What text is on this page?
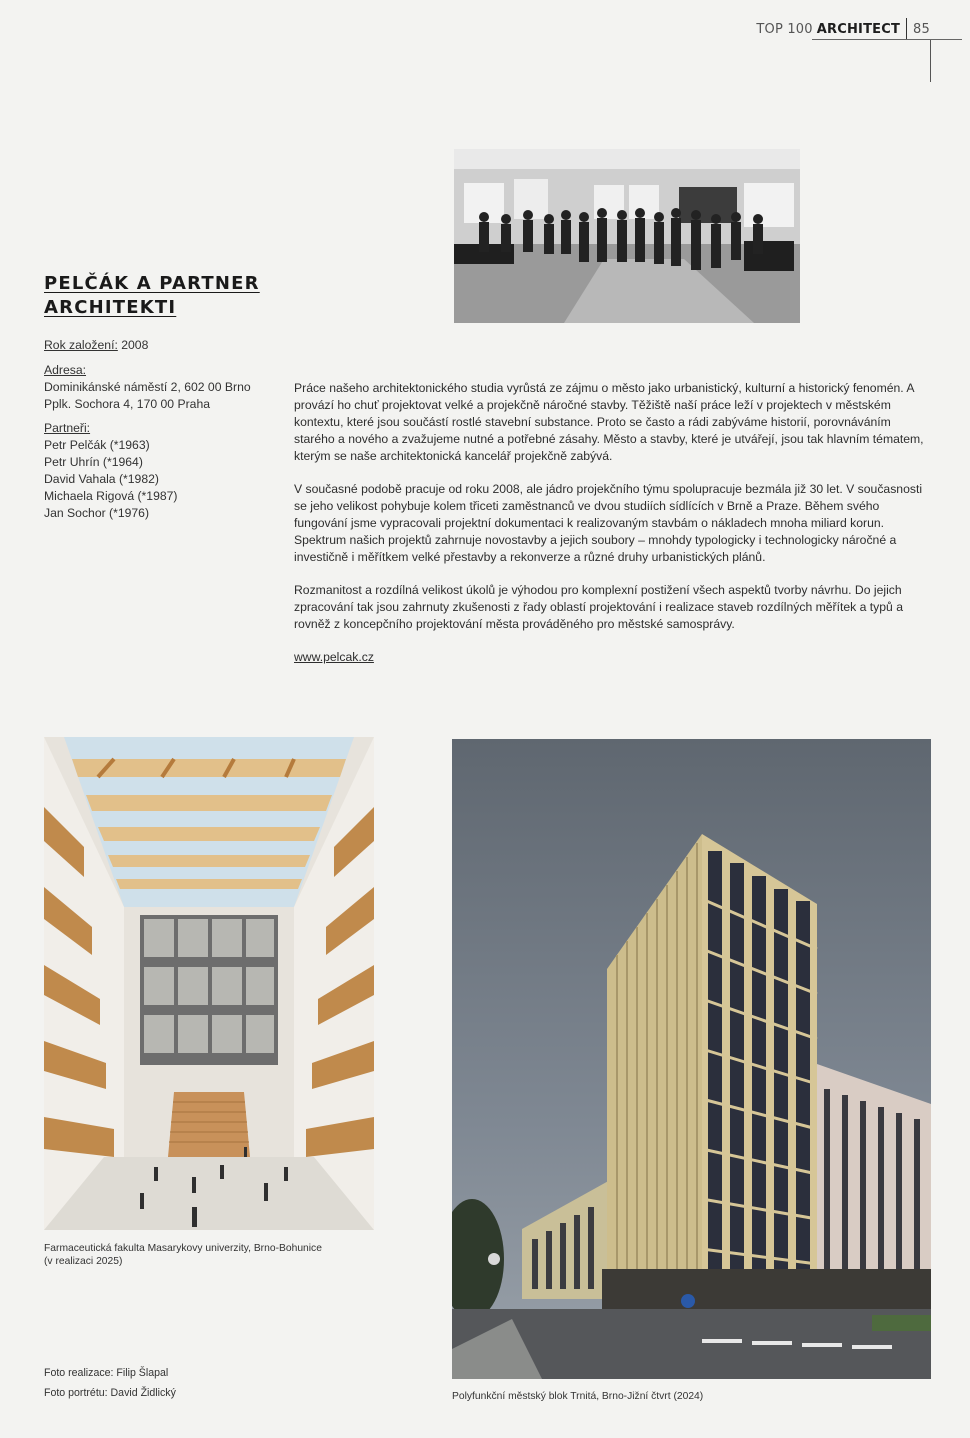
TOP 100 ARCHITECT 85
PELČÁK A PARTNER
ARCHITEKTI
Rok založení: 2008
Adresa:
Dominikánské náměstí 2, 602 00 Brno
Pplk. Sochora 4, 170 00 Praha
Partneři:
Petr Pelčák (*1963)
Petr Uhrín (*1964)
David Vahala (*1982)
Michaela Rigová (*1987)
Jan Sochor (*1976)

Práce našeho architektonického studia vyrůstá ze zájmu o město jako urbanistický, kulturní a historický fenomén. A provází ho chuť projektovat velké a projekčně náročné stavby. Těžiště naší práce leží v projektech v městském kontextu, které jsou součástí rostlé stavební substance. Proto se často a rádi zabýváme historií, porovnáváním starého a nového a zvažujeme nutné a potřebné zásahy. Město a stavby, které je utvářejí, jsou tak hlavním tématem, kterým se naše architektonická kancelář projekčně zabývá.

V současné podobě pracuje od roku 2008, ale jádro projekčního týmu spolupracuje bezmála již 30 let. V současnosti se jeho velikost pohybuje kolem třiceti zaměstnanců ve dvou studiích sídlících v Brně a Praze. Během svého fungování jsme vypracovali projektní dokumentaci k realizovaným stavbám o nákladech mnoha miliard korun. Spektrum našich projektů zahrnuje novostavby a jejich soubory – mnohdy typologicky i technologicky náročné a investičně i měřítkem velké přestavby a rekonverze a různé druhy urbanistických plánů.

Rozmanitost a rozdílná velikost úkolů je výhodou pro komplexní postižení všech aspektů tvorby návrhu. Do jejich zpracování tak jsou zahrnuty zkušenosti z řady oblastí projektování i realizace staveb rozdílných měřítek a typů a rovněž z koncepčního projektování města prováděného pro městské samosprávy.

www.pelcak.cz

Farmaceutická fakulta Masarykovy univerzity, Brno-Bohunice
(v realizaci 2025)
Polyfunkční městský blok Trnitá, Brno-Jižní čtvrt (2024)
Foto realizace: Filip Šlapal
Foto portrétu: David Židlický
